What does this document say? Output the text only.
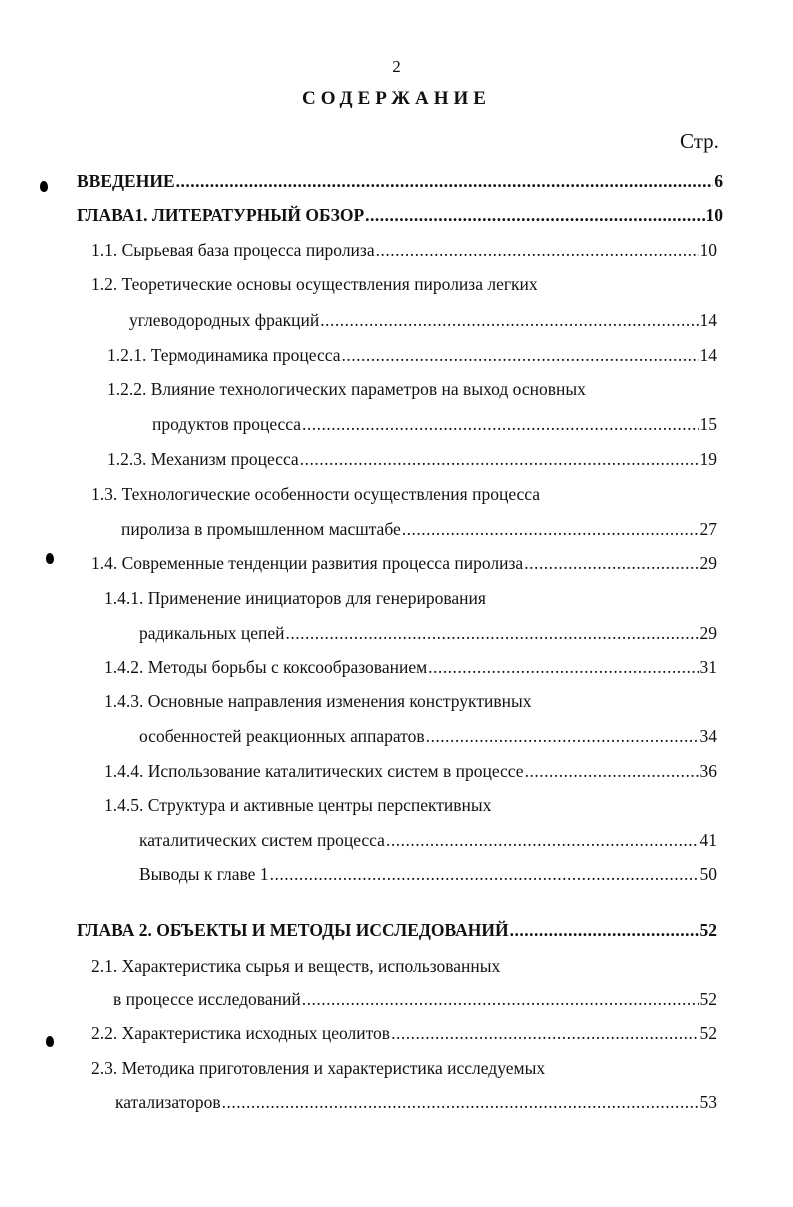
2
СОДЕРЖАНИЕ
Стр.
ВВЕДЕНИЕ .....	6
ГЛАВА1. ЛИТЕРАТУРНЫЙ ОБЗОР .....	10
1.1. Сырьевая база процесса пиролиза .....	10
1.2. Теоретические основы осуществления пиролиза легких
углеводородных фракций .....	14
1.2.1. Термодинамика процесса .....	14
1.2.2. Влияние технологических параметров на выход основных
продуктов процесса .....	15
1.2.3. Механизм процесса .....	19
1.3. Технологические особенности осуществления процесса
пиролиза в промышленном масштабе .....	27
1.4. Современные тенденции развития процесса пиролиза .....	29
1.4.1. Применение инициаторов для генерирования
радикальных цепей .....	29
1.4.2. Методы борьбы с коксообразованием .....	31
1.4.3. Основные направления изменения конструктивных
особенностей реакционных аппаратов .....	34
1.4.4. Использование каталитических систем в процессе .....	36
1.4.5. Структура и активные центры перспективных
каталитических систем процесса .....	41
Выводы к главе 1 .....	50
ГЛАВА 2. ОБЪЕКТЫ И МЕТОДЫ ИССЛЕДОВАНИЙ .....	52
2.1. Характеристика сырья и веществ, использованных
в процессе исследований .....	52
2.2. Характеристика исходных цеолитов .....	52
2.3. Методика приготовления и характеристика исследуемых
катализаторов .....	53
